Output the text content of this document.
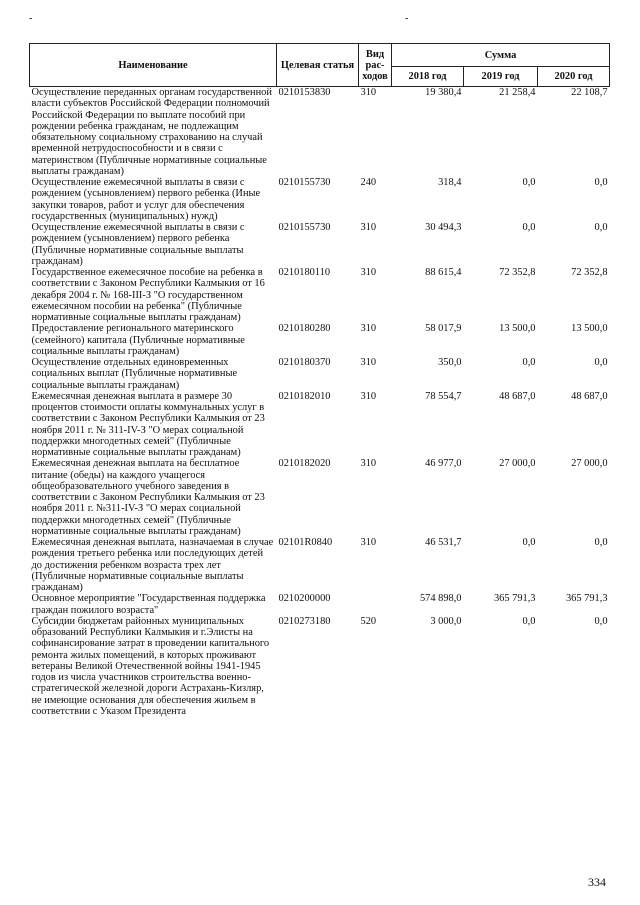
-	-
Наименование	Целевая статья	Вид рас-ходов	Сумма		
			2018 год	2019 год	2020 год
Осуществление переданных органам государственной власти субъектов Российской Федерации полномочий Российской Федерации по выплате пособий при рождении ребенка гражданам, не подлежащим обязательному социальному страхованию на случай временной нетрудоспособности и в связи с материнством (Публичные нормативные социальные выплаты гражданам)	0210153830	310	19 380,4	21 258,4	22 108,7
Осуществление ежемесячной выплаты в связи с рождением (усыновлением) первого ребенка (Иные закупки товаров, работ и услуг для обеспечения государственных (муниципальных) нужд)	0210155730	240	318,4	0,0	0,0
Осуществление ежемесячной выплаты в связи с рождением (усыновлением) первого ребенка (Публичные нормативные социальные выплаты гражданам)	0210155730	310	30 494,3	0,0	0,0
Государственное ежемесячное пособие на ребенка в соответствии с Законом Республики Калмыкия от 16 декабря 2004 г. № 168-III-З "О государственном ежемесячном пособии на ребенка" (Публичные нормативные социальные выплаты гражданам)	0210180110	310	88 615,4	72 352,8	72 352,8
Предоставление регионального материнского (семейного) капитала (Публичные нормативные социальные выплаты гражданам)	0210180280	310	58 017,9	13 500,0	13 500,0
Осуществление отдельных единовременных социальных выплат (Публичные нормативные социальные выплаты гражданам)	0210180370	310	350,0	0,0	0,0
Ежемесячная денежная выплата в размере 30 процентов стоимости оплаты коммунальных услуг в соответствии с Законом Республики Калмыкия от 23 ноября 2011 г. № 311-IV-З "О мерах социальной поддержки многодетных семей" (Публичные нормативные социальные выплаты гражданам)	0210182010	310	78 554,7	48 687,0	48 687,0
Ежемесячная денежная выплата на бесплатное питание (обеды) на каждого учащегося общеобразовательного учебного заведения в соответствии с Законом Республики Калмыкия от 23 ноября 2011 г. №311-IV-З "О мерах социальной поддержки многодетных семей" (Публичные нормативные социальные выплаты гражданам)	0210182020	310	46 977,0	27 000,0	27 000,0
Ежемесячная денежная выплата, назначаемая в случае рождения третьего ребенка или последующих детей до достижения ребенком возраста трех лет (Публичные нормативные социальные выплаты гражданам)	02101R0840	310	46 531,7	0,0	0,0
Основное мероприятие "Государственная поддержка граждан пожилого возраста"	0210200000		574 898,0	365 791,3	365 791,3
Субсидии бюджетам районных муниципальных образований Республики Калмыкия и г.Элисты на софинансирование затрат в проведении капитального ремонта жилых помещений, в которых проживают ветераны Великой Отечественной войны 1941-1945 годов из числа участников строительства военно-стратегической железной дороги Астрахань-Кизляр, не имеющие основания для обеспечения жильем в соответствии с Указом Президента	0210273180	520	3 000,0	0,0	0,0
334
